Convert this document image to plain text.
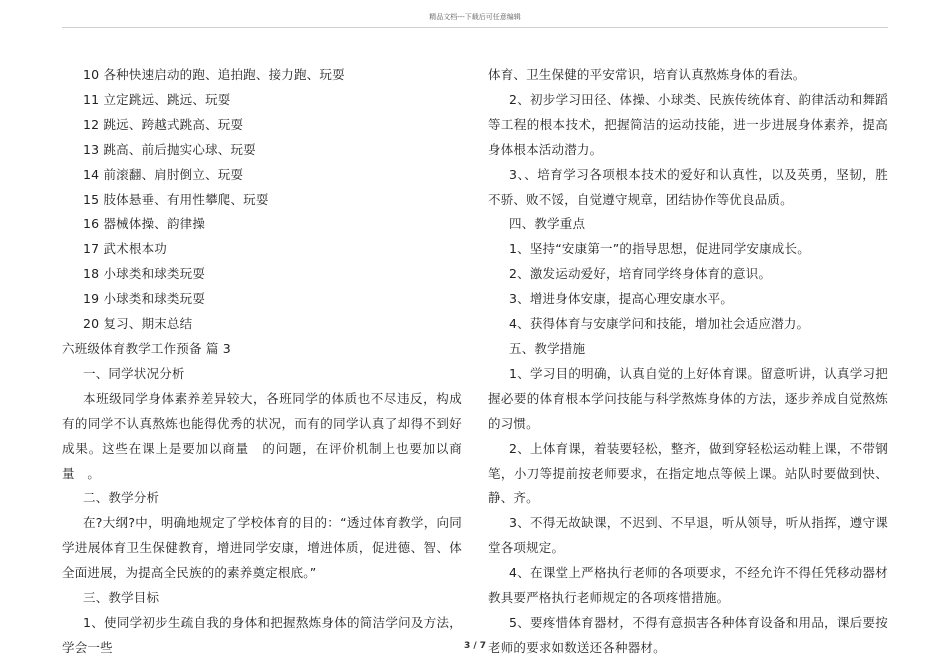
精品文档---下载后可任意编辑

10 各种快速启动的跑、追拍跑、接力跑、玩耍

11 立定跳远、跳远、玩耍

12 跳远、跨越式跳高、玩耍

13 跳高、前后抛实心球、玩耍

14 前滚翻、肩肘倒立、玩耍

15 肢体悬垂、有用性攀爬、玩耍

16 器械体操、韵律操

17 武术根本功

18 小球类和球类玩耍

19 小球类和球类玩耍

20 复习、期末总结

六班级体育教学工作预备 篇 3

一、同学状况分析

本班级同学身体素养差异较大，各班同学的体质也不尽违反，构成有的同学不认真熬炼也能得优秀的状况，而有的同学认真了却得不到好成果。这些在课上是要加以商量　的问题，在评价机制上也要加以商量　。

二、教学分析

在?大纲?中，明确地规定了学校体育的目的：“透过体育教学，向同学进展体育卫生保健教育，增进同学安康，增进体质，促进德、智、体全面进展，为提高全民族的的素养奠定根底。”

三、教学目标

1、使同学初步生疏自我的身体和把握熬炼身体的简洁学问及方法，学会一些

体育、卫生保健的平安常识，培育认真熬炼身体的看法。

2、初步学习田径、体操、小球类、民族传统体育、韵律活动和舞蹈等工程的根本技术，把握简洁的运动技能，进一步进展身体素养，提高身体根本活动潜力。

3、、培育学习各项根本技术的爱好和认真性，以及英勇，坚韧，胜不骄、败不馁，自觉遵守规章，团结协作等优良品质。

四、教学重点

1、坚持“安康第一”的指导思想，促进同学安康成长。

2、激发运动爱好，培育同学终身体育的意识。

3、增进身体安康，提高心理安康水平。

4、获得体育与安康学问和技能，增加社会适应潜力。

五、教学措施

1、学习目的明确，认真自觉的上好体育课。留意听讲，认真学习把握必要的体育根本学问技能与科学熬炼身体的方法，逐步养成自觉熬炼的习惯。

2、上体育课，着装要轻松，整齐，做到穿轻松运动鞋上课，不带钢笔，小刀等提前按老师要求，在指定地点等候上课。站队时要做到快、静、齐。

3、不得无故缺课，不迟到、不早退，听从领导，听从指挥，遵守课堂各项规定。

4、在课堂上严格执行老师的各项要求，不经允许不得任凭移动器材教具要严格执行老师规定的各项疼惜措施。

5、要疼惜体育器材，不得有意损害各种体育设备和用品，课后要按老师的要求如数送还各种器材。

3 / 7
